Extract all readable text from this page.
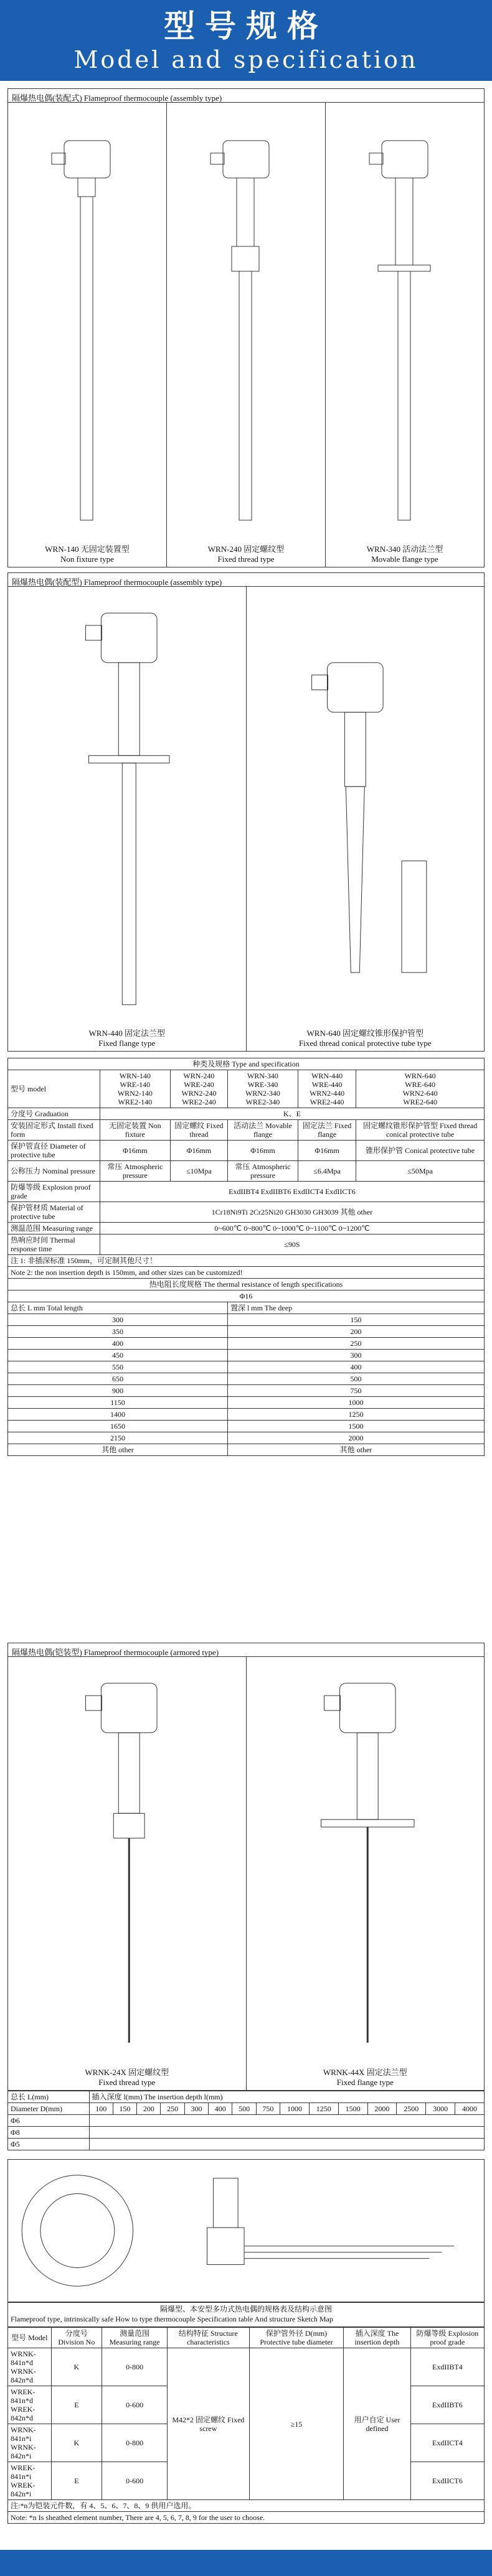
型号规格
Model and specification
隔爆热电偶(装配式) Flameproof thermocouple (assembly type)
WRN-140 无固定装置型
Non fixture type
WRN-240 固定螺纹型
Fixed thread type
WRN-340 活动法兰型
Movable flange type
隔爆热电偶(装配型) Flameproof thermocouple (assembly type)
WRN-440 固定法兰型
Fixed flange type
WRN-640 固定螺纹锥形保护管型
Fixed thread conical protective tube type
种类及规格 Type and specification					
型号 model	WRN-140
WRE-140
WRN2-140
WRE2-140	WRN-240
WRE-240
WRN2-240
WRE2-240	WRN-340
WRE-340
WRN2-340
WRE2-340	WRN-440
WRE-440
WRN2-440
WRE2-440	WRN-640
WRE-640
WRN2-640
WRE2-640
分度号 Graduation	K、E				
安装固定形式 Install fixed form	无固定装置 Non fixture	固定螺纹 Fixed thread	活动法兰 Movable flange	固定法兰 Fixed flange	固定螺纹锥形保护管型 Fixed thread conical protective tube
保护管直径 Diameter of protective tube	Φ16mm	Φ16mm	Φ16mm	Φ16mm	锥形保护管 Conical protective tube
公称压力 Nominal pressure	常压 Atmospheric pressure	≤10Mpa	常压 Atmospheric pressure	≤6.4Mpa	≤50Mpa
防爆等级 Explosion proof grade	ExdIIBT4 ExdIIBT6 ExdIICT4 ExdIICT6				
保护管材质 Material of protective tube	1Cr18Ni9Ti 2Cr25Ni20 GH3030 GH3039 其他 other				
测温范围 Measuring range	0~600℃ 0~800℃ 0~1000℃ 0~1100℃ 0~1200℃				
热响应时间 Thermal response time	≤90S				
注 1: 非插深标准 150mm，可定制其他尺寸！					
Note 2: the non insertion depth is 150mm, and other sizes can be customized!					
热电阻长度规格 The thermal resistance of length specifications					
Φ16					
总长 L mm Total length			置深 l mm The deep		
300			150		
350			200		
400			250		
450			300		
550			400		
650			500		
900			750		
1150			1000		
1400			1250		
1650			1500		
2150			2000		
其他 other			其他 other		
隔爆热电偶(铠装型) Flameproof thermocouple (armored type)
WRNK-24X 固定螺纹型
Fixed thread type
WRNK-44X 固定法兰型
Fixed flange type
总长 L(mm)	插入深度 l(mm) The insertion depth l(mm)														
Diameter D(mm)	100	150	200	250	300	400	500	750	1000	1250	1500	2000	2500	3000	4000
Φ6															
Φ8															
Φ5															
隔爆型、本安型多功式热电偶的规格表及结构示意图
Flameproof type, intrinsically safe How to type thermocouple Specification table And structure Sketch Map
型号 Model	分度号 Division No	测量范围 Measuring range	结构特征 Structure characteristics	保护管外径 D(mm) Protective tube diameter	插入深度 The insertion depth	防爆等级 Explosion proof grade
WRNK-841n*d
WRNK-842n*d	K	0-800	M42*2 固定螺纹 Fixed screw	≥15	用户自定 User defined	ExdIIBT4
WREK-841n*d
WREK-842n*d	E	0-600				ExdIIBT6
WRNK-841n*i
WRNK-842n*i	K	0-800				ExdIICT4
WREK-841n*i
WREK-842n*i	E	0-600				ExdIICT6
注:*n为铠装元件数，有 4、5、6、7、8、9 供用户选用。						
Note: *n Is sheathed element number, There are 4, 5, 6, 7, 8, 9 for the user to choose.						
